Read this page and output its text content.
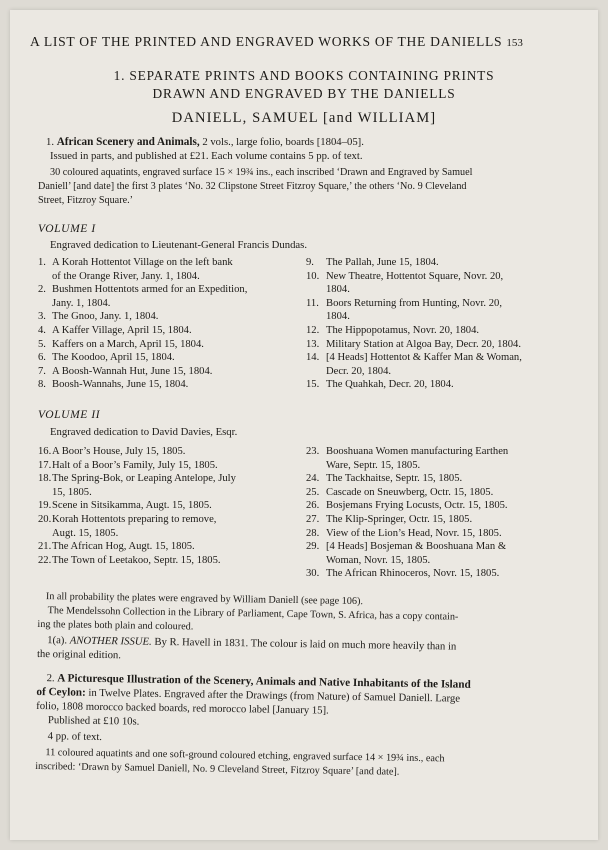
A LIST OF THE PRINTED AND ENGRAVED WORKS OF THE DANIELLS 153
1. SEPARATE PRINTS AND BOOKS CONTAINING PRINTS
DRAWN AND ENGRAVED BY THE DANIELLS
DANIELL, SAMUEL [and WILLIAM]
1. African Scenery and Animals, 2 vols., large folio, boards [1804–05].
Issued in parts, and published at £21. Each volume contains 5 pp. of text.
30 coloured aquatints, engraved surface 15 × 19¾ ins., each inscribed ‘Drawn and Engraved by Samuel
Daniell’ [and date] the first 3 plates ‘No. 32 Clipstone Street Fitzroy Square,’ the others ‘No. 9 Cleveland
Street, Fitzroy Square.’
VOLUME I
Engraved dedication to Lieutenant-General Francis Dundas.
1. A Korah Hottentot Village on the left bank
of the Orange River, Jany. 1, 1804.
2. Bushmen Hottentots armed for an Expedition,
Jany. 1, 1804.
3. The Gnoo, Jany. 1, 1804.
4. A Kaffer Village, April 15, 1804.
5. Kaffers on a March, April 15, 1804.
6. The Koodoo, April 15, 1804.
7. A Boosh-Wannah Hut, June 15, 1804.
8. Boosh-Wannahs, June 15, 1804.
9. The Pallah, June 15, 1804.
10. New Theatre, Hottentot Square, Novr. 20,
1804.
11. Boors Returning from Hunting, Novr. 20,
1804.
12. The Hippopotamus, Novr. 20, 1804.
13. Military Station at Algoa Bay, Decr. 20, 1804.
14. [4 Heads] Hottentot & Kaffer Man & Woman,
Decr. 20, 1804.
15. The Quahkah, Decr. 20, 1804.
VOLUME II
Engraved dedication to David Davies, Esqr.
16.A Boor’s House, July 15, 1805.
17.Halt of a Boor’s Family, July 15, 1805.
18.The Spring-Bok, or Leaping Antelope, July
15, 1805.
19.Scene in Sitsikamma, Augt. 15, 1805.
20.Korah Hottentots preparing to remove,
Augt. 15, 1805.
21.The African Hog, Augt. 15, 1805.
22.The Town of Leetakoo, Septr. 15, 1805.
23. Booshuana Women manufacturing Earthen
Ware, Septr. 15, 1805.
24. The Tackhaitse, Septr. 15, 1805.
25. Cascade on Sneuwberg, Octr. 15, 1805.
26. Bosjemans Frying Locusts, Octr. 15, 1805.
27. The Klip-Springer, Octr. 15, 1805.
28. View of the Lion’s Head, Novr. 15, 1805.
29. [4 Heads] Bosjeman & Booshuana Man &
Woman, Novr. 15, 1805.
30. The African Rhinoceros, Novr. 15, 1805.
In all probability the plates were engraved by William Daniell (see page 106).
The Mendelssohn Collection in the Library of Parliament, Cape Town, S. Africa, has a copy contain-
ing the plates both plain and coloured.
1(a). ANOTHER ISSUE. By R. Havell in 1831. The colour is laid on much more heavily than in
the original edition.
2. A Picturesque Illustration of the Scenery, Animals and Native Inhabitants of the Island
of Ceylon: in Twelve Plates. Engraved after the Drawings (from Nature) of Samuel Daniell. Large
folio, 1808 morocco backed boards, red morocco label [January 15].
Published at £10 10s.
4 pp. of text.
11 coloured aquatints and one soft-ground coloured etching, engraved surface 14 × 19¾ ins., each
inscribed: ‘Drawn by Samuel Daniell, No. 9 Cleveland Street, Fitzroy Square’ [and date].
